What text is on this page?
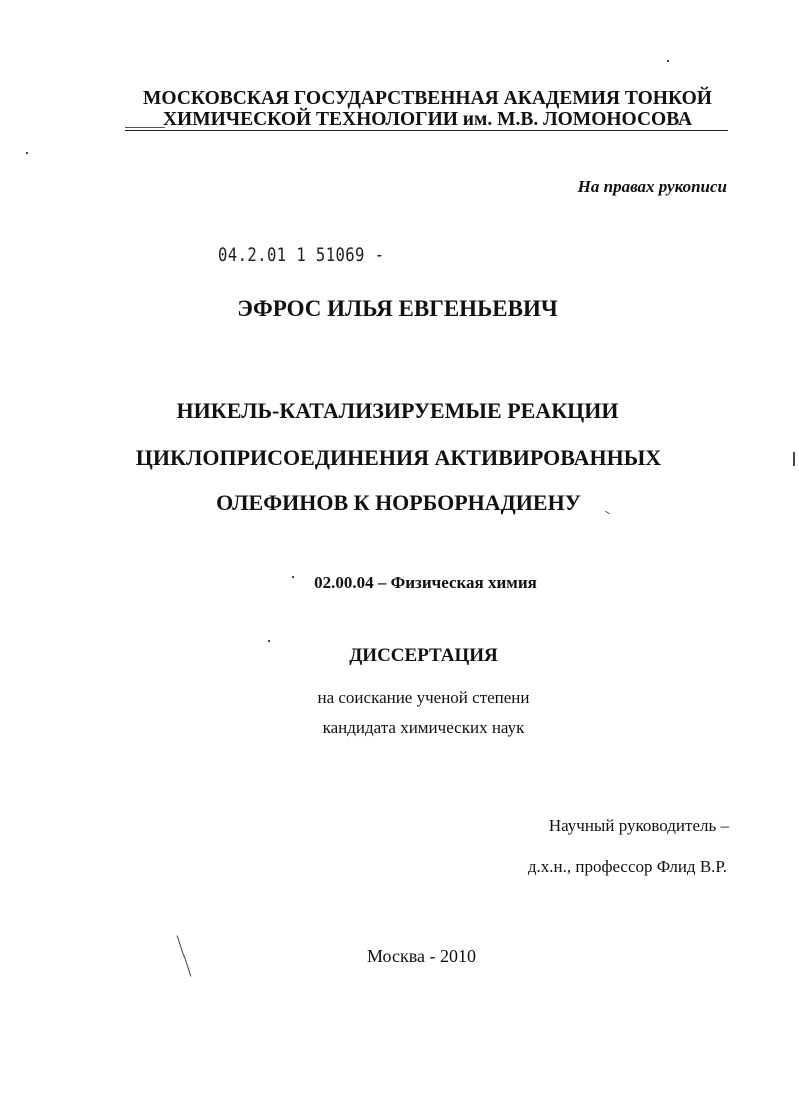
МОСКОВСКАЯ ГОСУДАРСТВЕННАЯ АКАДЕМИЯ ТОНКОЙ
ХИМИЧЕСКОЙ ТЕХНОЛОГИИ им. М.В. ЛОМОНОСОВА
На правах рукописи
04.2.01 1 51069 -
ЭФРОС ИЛЬЯ ЕВГЕНЬЕВИЧ
НИКЕЛЬ-КАТАЛИЗИРУЕМЫЕ РЕАКЦИИ
ЦИКЛОПРИСОЕДИНЕНИЯ АКТИВИРОВАННЫХ
ОЛЕФИНОВ К НОРБОРНАДИЕНУ
02.00.04 – Физическая химия
ДИССЕРТАЦИЯ
на соискание ученой степени
кандидата химических наук
Научный руководитель –
д.х.н., профессор Флид В.Р.
Москва - 2010
